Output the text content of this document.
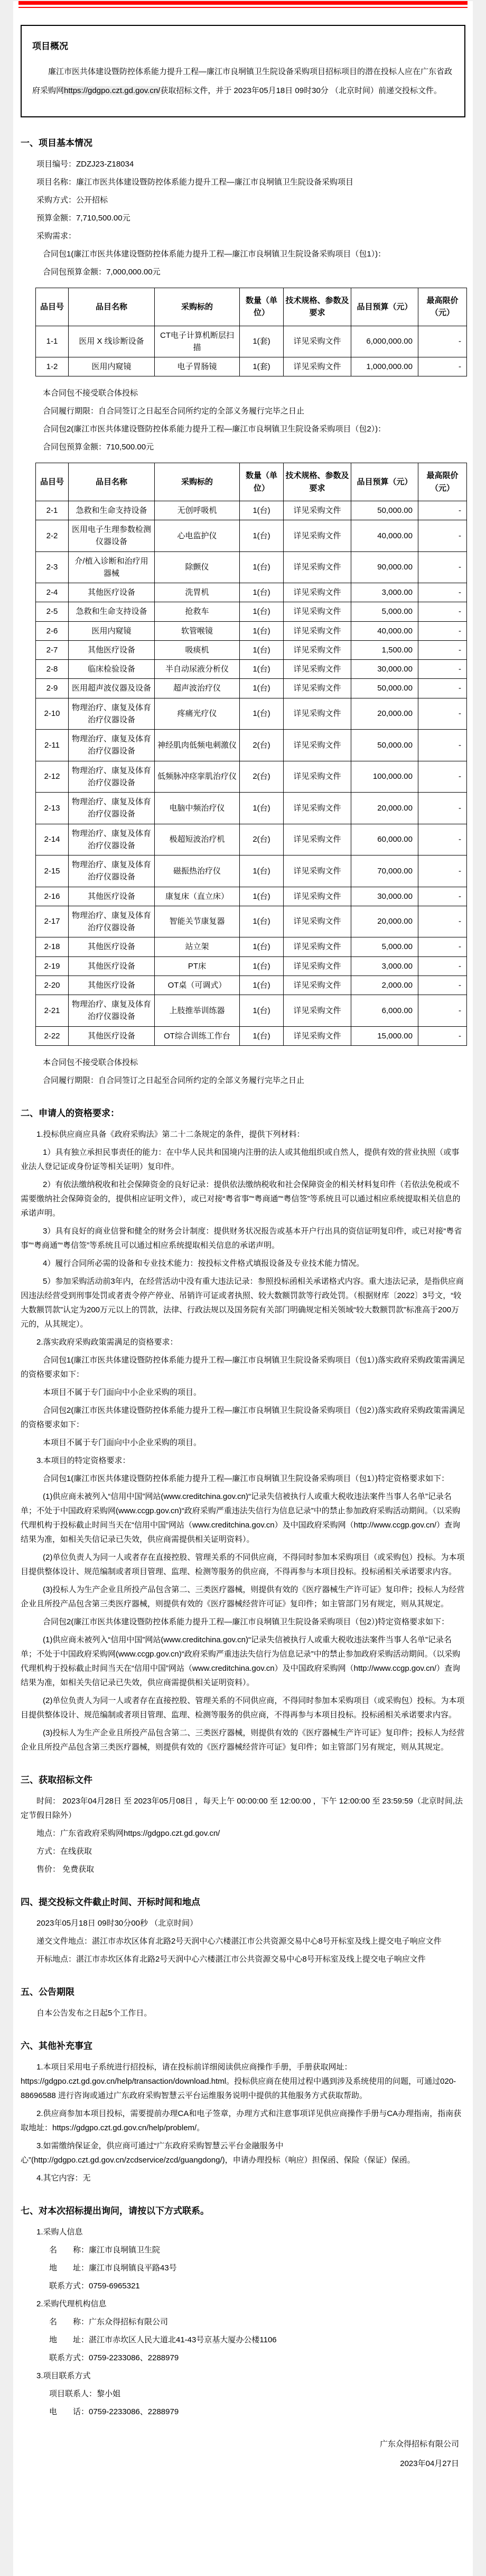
项目概况

廉江市医共体建设暨防控体系能力提升工程—廉江市良垌镇卫生院设备采购项目招标项目的潜在投标人应在广东省政府采购网https://gdgpo.czt.gd.gov.cn/获取招标文件，并于 2023年05月18日 09时30分 （北京时间）前递交投标文件。

一、项目基本情况

项目编号：ZDZJ23-Z18034

项目名称：廉江市医共体建设暨防控体系能力提升工程—廉江市良垌镇卫生院设备采购项目

采购方式：公开招标

预算金额：7,710,500.00元

采购需求：

合同包1(廉江市医共体建设暨防控体系能力提升工程—廉江市良垌镇卫生院设备采购项目（包1）)：

合同包预算金额：7,000,000.00元

品目号	品目名称	采购标的	数量（单位）	技术规格、参数及要求	品目预算（元）	最高限价（元）
1-1	医用 X 线诊断设备	CT电子计算机断层扫描	1(套)	详见采购文件	6,000,000.00	-
1-2	医用内窥镜	电子胃肠镜	1(套)	详见采购文件	1,000,000.00	-

本合同包不接受联合体投标

合同履行期限：自合同签订之日起至合同所约定的全部义务履行完毕之日止

合同包2(廉江市医共体建设暨防控体系能力提升工程—廉江市良垌镇卫生院设备采购项目（包2）)：

合同包预算金额：710,500.00元

品目号	品目名称	采购标的	数量（单位）	技术规格、参数及要求	品目预算（元）	最高限价（元）
2-1	急救和生命支持设备	无创呼吸机	1(台)	详见采购文件	50,000.00	-
2-2	医用电子生理参数检测仪器设备	心电监护仪	1(台)	详见采购文件	40,000.00	-
2-3	介/植入诊断和治疗用器械	除颤仪	1(台)	详见采购文件	90,000.00	-
2-4	其他医疗设备	洗胃机	1(台)	详见采购文件	3,000.00	-
2-5	急救和生命支持设备	抢救车	1(台)	详见采购文件	5,000.00	-
2-6	医用内窥镜	软管喉镜	1(台)	详见采购文件	40,000.00	-
2-7	其他医疗设备	吸痰机	1(台)	详见采购文件	1,500.00	-
2-8	临床检验设备	半自动尿液分析仪	1(台)	详见采购文件	30,000.00	-
2-9	医用超声波仪器及设备	超声波治疗仪	1(台)	详见采购文件	50,000.00	-
2-10	物理治疗、康复及体育治疗仪器设备	疼痛光疗仪	1(台)	详见采购文件	20,000.00	-
2-11	物理治疗、康复及体育治疗仪器设备	神经肌肉低频电刺激仪	2(台)	详见采购文件	50,000.00	-
2-12	物理治疗、康复及体育治疗仪器设备	低频脉冲痉挛肌治疗仪	2(台)	详见采购文件	100,000.00	-
2-13	物理治疗、康复及体育治疗仪器设备	电脑中频治疗仪	1(台)	详见采购文件	20,000.00	-
2-14	物理治疗、康复及体育治疗仪器设备	极超短波治疗机	2(台)	详见采购文件	60,000.00	-
2-15	物理治疗、康复及体育治疗仪器设备	磁振热治疗仪	1(台)	详见采购文件	70,000.00	-
2-16	其他医疗设备	康复床（直立床）	1(台)	详见采购文件	30,000.00	-
2-17	物理治疗、康复及体育治疗仪器设备	智能关节康复器	1(台)	详见采购文件	20,000.00	-
2-18	其他医疗设备	站立架	1(台)	详见采购文件	5,000.00	-
2-19	其他医疗设备	PT床	1(台)	详见采购文件	3,000.00	-
2-20	其他医疗设备	OT桌（可调式）	1(台)	详见采购文件	2,000.00	-
2-21	物理治疗、康复及体育治疗仪器设备	上肢推举训练器	1(台)	详见采购文件	6,000.00	-
2-22	其他医疗设备	OT综合训练工作台	1(台)	详见采购文件	15,000.00	-

本合同包不接受联合体投标

合同履行期限：自合同签订之日起至合同所约定的全部义务履行完毕之日止

二、申请人的资格要求：

1.投标供应商应具备《政府采购法》第二十二条规定的条件，提供下列材料：

1）具有独立承担民事责任的能力：在中华人民共和国境内注册的法人或其他组织或自然人，提供有效的营业执照（或事业法人登记证或身份证等相关证明）复印件。

2）有依法缴纳税收和社会保障资金的良好记录：提供依法缴纳税收和社会保障资金的相关材料复印件（若依法免税或不需要缴纳社会保障资金的，提供相应证明文件），或已对接“粤省事”“粤商通”“粤信签”等系统且可以通过相应系统提取相关信息的承诺声明。

3）具有良好的商业信誉和健全的财务会计制度：提供财务状况报告或基本开户行出具的资信证明复印件，或已对接“粤省事”“粤商通”“粤信签”等系统且可以通过相应系统提取相关信息的承诺声明。

4）履行合同所必需的设备和专业技术能力：按投标文件格式填报设备及专业技术能力情况。

5）参加采购活动前3年内，在经营活动中没有重大违法记录：参照投标函相关承诺格式内容。重大违法记录，是指供应商因违法经营受到刑事处罚或者责令停产停业、吊销许可证或者执照、较大数额罚款等行政处罚。（根据财库〔2022〕3号文，“较大数额罚款”认定为200万元以上的罚款，法律、行政法规以及国务院有关部门明确规定相关领域“较大数额罚款”标准高于200万元的，从其规定）。

2.落实政府采购政策需满足的资格要求：

合同包1(廉江市医共体建设暨防控体系能力提升工程—廉江市良垌镇卫生院设备采购项目（包1）)落实政府采购政策需满足的资格要求如下：

本项目不属于专门面向中小企业采购的项目。

合同包2(廉江市医共体建设暨防控体系能力提升工程—廉江市良垌镇卫生院设备采购项目（包2）)落实政府采购政策需满足的资格要求如下：

本项目不属于专门面向中小企业采购的项目。

3.本项目的特定资格要求：

合同包1(廉江市医共体建设暨防控体系能力提升工程—廉江市良垌镇卫生院设备采购项目（包1）)特定资格要求如下：

(1)供应商未被列入“信用中国”网站(www.creditchina.gov.cn)“记录失信被执行人或重大税收违法案件当事人名单”记录名单；不处于中国政府采购网(www.ccgp.gov.cn)“政府采购严重违法失信行为信息记录”中的禁止参加政府采购活动期间。（以采购代理机构于投标截止时间当天在“信用中国”网站（www.creditchina.gov.cn）及中国政府采购网（http://www.ccgp.gov.cn/）查询结果为准，如相关失信记录已失效，供应商需提供相关证明资料）。

(2)单位负责人为同一人或者存在直接控股、管理关系的不同供应商，不得同时参加本采购项目（或采购包）投标。为本项目提供整体设计、规范编制或者项目管理、监理、检测等服务的供应商，不得再参与本项目投标。投标函相关承诺要求内容。

(3)投标人为生产企业且所投产品包含第二、三类医疗器械，则提供有效的《医疗器械生产许可证》复印件；投标人为经营企业且所投产品包含第三类医疗器械，则提供有效的《医疗器械经营许可证》复印件；如主管部门另有规定，则从其规定。

合同包2(廉江市医共体建设暨防控体系能力提升工程—廉江市良垌镇卫生院设备采购项目（包2）)特定资格要求如下：

(1)供应商未被列入“信用中国”网站(www.creditchina.gov.cn)“记录失信被执行人或重大税收违法案件当事人名单”记录名单；不处于中国政府采购网(www.ccgp.gov.cn)“政府采购严重违法失信行为信息记录”中的禁止参加政府采购活动期间。（以采购代理机构于投标截止时间当天在“信用中国”网站（www.creditchina.gov.cn）及中国政府采购网（http://www.ccgp.gov.cn/）查询结果为准，如相关失信记录已失效，供应商需提供相关证明资料）。

(2)单位负责人为同一人或者存在直接控股、管理关系的不同供应商，不得同时参加本采购项目（或采购包）投标。为本项目提供整体设计、规范编制或者项目管理、监理、检测等服务的供应商，不得再参与本项目投标。投标函相关承诺要求内容。

(3)投标人为生产企业且所投产品包含第二、三类医疗器械，则提供有效的《医疗器械生产许可证》复印件；投标人为经营企业且所投产品包含第三类医疗器械，则提供有效的《医疗器械经营许可证》复印件；如主管部门另有规定，则从其规定。

三、获取招标文件

时间： 2023年04月28日 至 2023年05月08日 ，每天上午 00:00:00 至 12:00:00 ，下午 12:00:00 至 23:59:59（北京时间,法定节假日除外）

地点：广东省政府采购网https://gdgpo.czt.gd.gov.cn/

方式：在线获取

售价： 免费获取

四、提交投标文件截止时间、开标时间和地点

2023年05月18日 09时30分00秒 （北京时间）

递交文件地点：湛江市赤坎区体育北路2号天润中心六楼湛江市公共资源交易中心8号开标室及线上提交电子响应文件

开标地点：湛江市赤坎区体育北路2号天润中心六楼湛江市公共资源交易中心8号开标室及线上提交电子响应文件

五、公告期限

自本公告发布之日起5个工作日。

六、其他补充事宜

1.本项目采用电子系统进行招投标，请在投标前详细阅读供应商操作手册，手册获取网址：https://gdgpo.czt.gd.gov.cn/help/transaction/download.html。投标供应商在使用过程中遇到涉及系统使用的问题，可通过020-88696588 进行咨询或通过广东政府采购智慧云平台运维服务说明中提供的其他服务方式获取帮助。

2.供应商参加本项目投标，需要提前办理CA和电子签章，办理方式和注意事项详见供应商操作手册与CA办理指南，指南获取地址：https://gdgpo.czt.gd.gov.cn/help/problem/。

3.如需缴纳保证金，供应商可通过“广东政府采购智慧云平台金融服务中心”(http://gdgpo.czt.gd.gov.cn/zcdservice/zcd/guangdong/)，申请办理投标（响应）担保函、保险（保证）保函。

4.其它内容：无

七、对本次招标提出询问，请按以下方式联系。

1.采购人信息

名　　称：廉江市良垌镇卫生院

地　　址：廉江市良垌镇良平路43号

联系方式：0759-6965321

2.采购代理机构信息

名　　称：广东众得招标有限公司

地　　址：湛江市赤坎区人民大道北41-43号京基大厦办公楼1106

联系方式：0759-2233086、2288979

3.项目联系方式

项目联系人：黎小姐

电　　话：0759-2233086、2288979

广东众得招标有限公司

2023年04月27日
